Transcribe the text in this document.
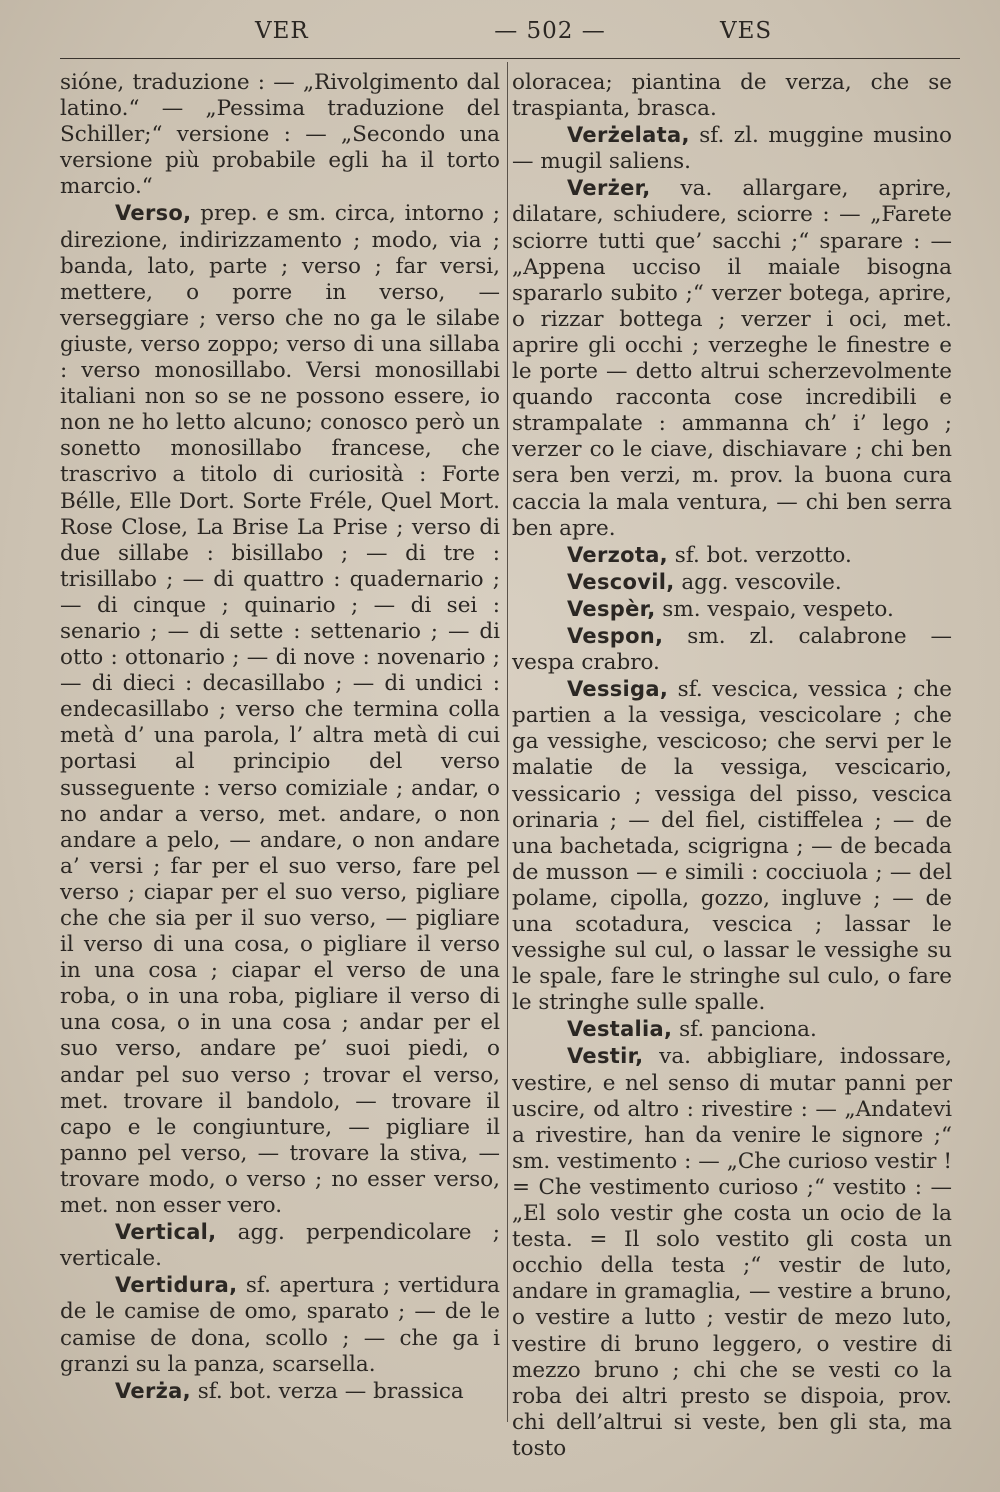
VER	— 502 —	VES

sióne, traduzione : — „Rivolgimento dal latino.“ — „Pessima traduzione del Schiller;“ versione : — „Secondo una versione più probabile egli ha il torto marcio.“

Verso, prep. e sm. circa, intorno ; direzione, indirizzamento ; modo, via ; banda, lato, parte ; verso ; far versi, mettere, o porre in verso, — verseggiare ; verso che no ga le silabe giuste, verso zoppo; verso di una sillaba : verso monosillabo. Versi monosillabi italiani non so se ne possono essere, io non ne ho letto alcuno; conosco però un sonetto monosillabo francese, che trascrivo a titolo di curiosità : Forte Bélle, Elle Dort. Sorte Fréle, Quel Mort. Rose Close, La Brise La Prise ; verso di due sillabe : bisillabo ; — di tre : trisillabo ; — di quattro : quadernario ; — di cinque ; quinario ; — di sei : senario ; — di sette : settenario ; — di otto : ottonario ; — di nove : novenario ; — di dieci : decasillabo ; — di undici : endecasillabo ; verso che termina colla metà d’ una parola, l’ altra metà di cui portasi al principio del verso susseguente : verso comiziale ; andar, o no andar a verso, met. andare, o non andare a pelo, — andare, o non andare a’ versi ; far per el suo verso, fare pel verso ; ciapar per el suo verso, pigliare che che sia per il suo verso, — pigliare il verso di una cosa, o pigliare il verso in una cosa ; ciapar el verso de una roba, o in una roba, pigliare il verso di una cosa, o in una cosa ; andar per el suo verso, andare pe’ suoi piedi, o andar pel suo verso ; trovar el verso, met. trovare il bandolo, — trovare il capo e le congiunture, — pigliare il panno pel verso, — trovare la stiva, — trovare modo, o verso ; no esser verso, met. non esser vero.

Vertical, agg. perpendicolare ; verticale.

Vertidura, sf. apertura ; vertidura de le camise de omo, sparato ; — de le camise de dona, scollo ; — che ga i granzi su la panza, scarsella.

Verża, sf. bot. verza — brassica

oloracea; piantina de verza, che se traspianta, brasca.

Verżelata, sf. zl. muggine musino — mugil saliens.

Verżer, va. allargare, aprire, dilatare, schiudere, sciorre : — „Farete sciorre tutti que’ sacchi ;“ sparare : — „Appena ucciso il maiale bisogna spararlo subito ;“ verzer botega, aprire, o rizzar bottega ; verzer i oci, met. aprire gli occhi ; verzeghe le finestre e le porte — detto altrui scherzevolmente quando racconta cose incredibili e strampalate : ammanna ch’ i’ lego ; verzer co le ciave, dischiavare ; chi ben sera ben verzi, m. prov. la buona cura caccia la mala ventura, — chi ben serra ben apre.

Verzota, sf. bot. verzotto.

Vescovil, agg. vescovile.

Vespèr, sm. vespaio, vespeto.

Vespon, sm. zl. calabrone — vespa crabro.

Vessiga, sf. vescica, vessica ; che partien a la vessiga, vescicolare ; che ga vessighe, vescicoso; che servi per le malatie de la vessiga, vescicario, vessicario ; vessiga del pisso, vescica orinaria ; — del fiel, cistiffelea ; — de una bachetada, scigrigna ; — de becada de musson — e simili : cocciuola ; — del polame, cipolla, gozzo, ingluve ; — de una scotadura, vescica ; lassar le vessighe sul cul, o lassar le vessighe su le spale, fare le stringhe sul culo, o fare le stringhe sulle spalle.

Vestalia, sf. panciona.

Vestir, va. abbigliare, indossare, vestire, e nel senso di mutar panni per uscire, od altro : rivestire : — „Andatevi a rivestire, han da venire le signore ;“ sm. vestimento : — „Che curioso vestir ! = Che vestimento curioso ;“ vestito : — „El solo vestir ghe costa un ocio de la testa. = Il solo vestito gli costa un occhio della testa ;“ vestir de luto, andare in gramaglia, — vestire a bruno, o vestire a lutto ; vestir de mezo luto, vestire di bruno leggero, o vestire di mezzo bruno ; chi che se vesti co la roba dei altri presto se dispoia, prov. chi dell’altrui si veste, ben gli sta, ma tosto
